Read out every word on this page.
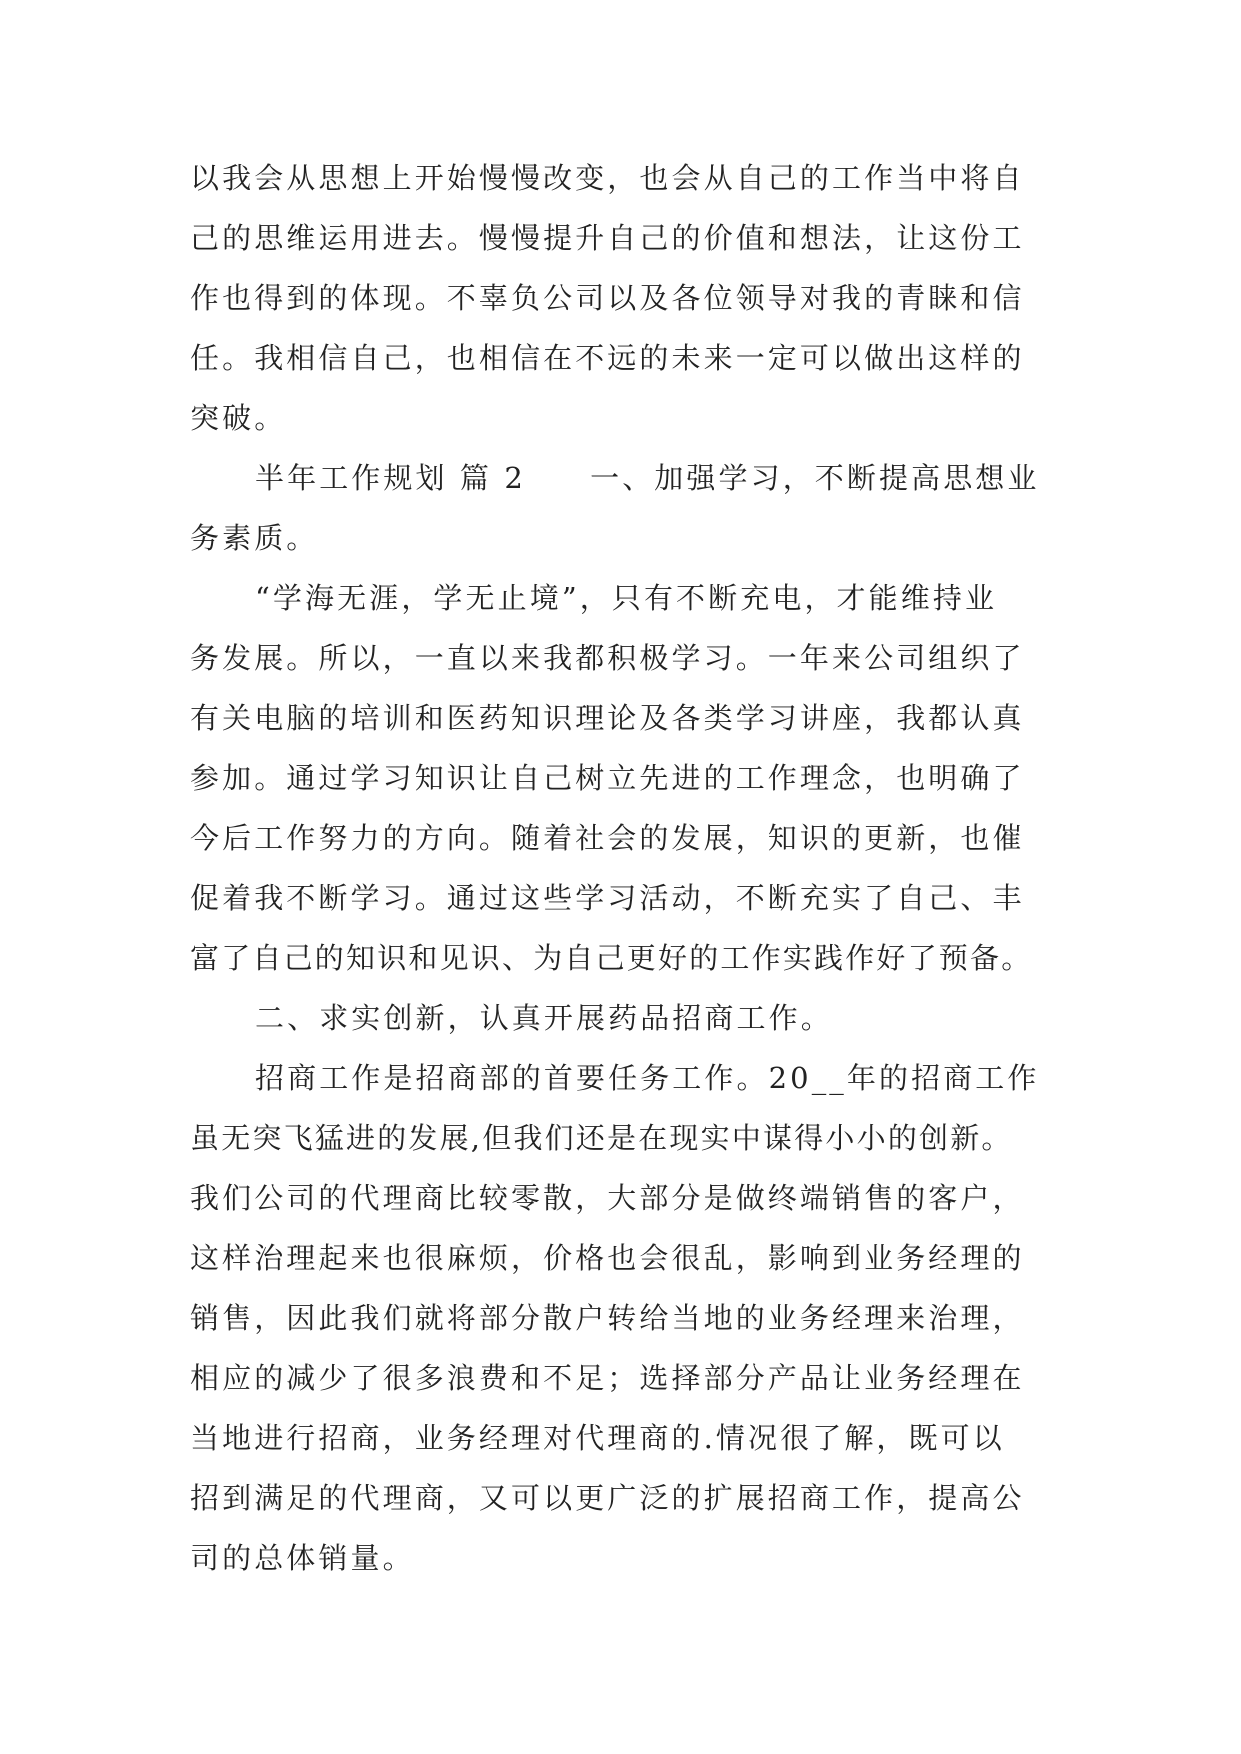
以我会从思想上开始慢慢改变，也会从自己的工作当中将自
己的思维运用进去。慢慢提升自己的价值和想法，让这份工
作也得到的体现。不辜负公司以及各位领导对我的青睐和信
任。我相信自己，也相信在不远的未来一定可以做出这样的
突破。
半年工作规划 篇 2　　一、加强学习，不断提高思想业
务素质。
“学海无涯，学无止境”，只有不断充电，才能维持业
务发展。所以，一直以来我都积极学习。一年来公司组织了
有关电脑的培训和医药知识理论及各类学习讲座，我都认真
参加。通过学习知识让自己树立先进的工作理念，也明确了
今后工作努力的方向。随着社会的发展，知识的更新，也催
促着我不断学习。通过这些学习活动，不断充实了自己、丰
富了自己的知识和见识、为自己更好的工作实践作好了预备。
二、求实创新，认真开展药品招商工作。
招商工作是招商部的首要任务工作。20__年的招商工作
虽无突飞猛进的发展,但我们还是在现实中谋得小小的创新。
我们公司的代理商比较零散，大部分是做终端销售的客户，
这样治理起来也很麻烦，价格也会很乱，影响到业务经理的
销售，因此我们就将部分散户转给当地的业务经理来治理，
相应的减少了很多浪费和不足；选择部分产品让业务经理在
当地进行招商，业务经理对代理商的.情况很了解，既可以
招到满足的代理商，又可以更广泛的扩展招商工作，提高公
司的总体销量。
